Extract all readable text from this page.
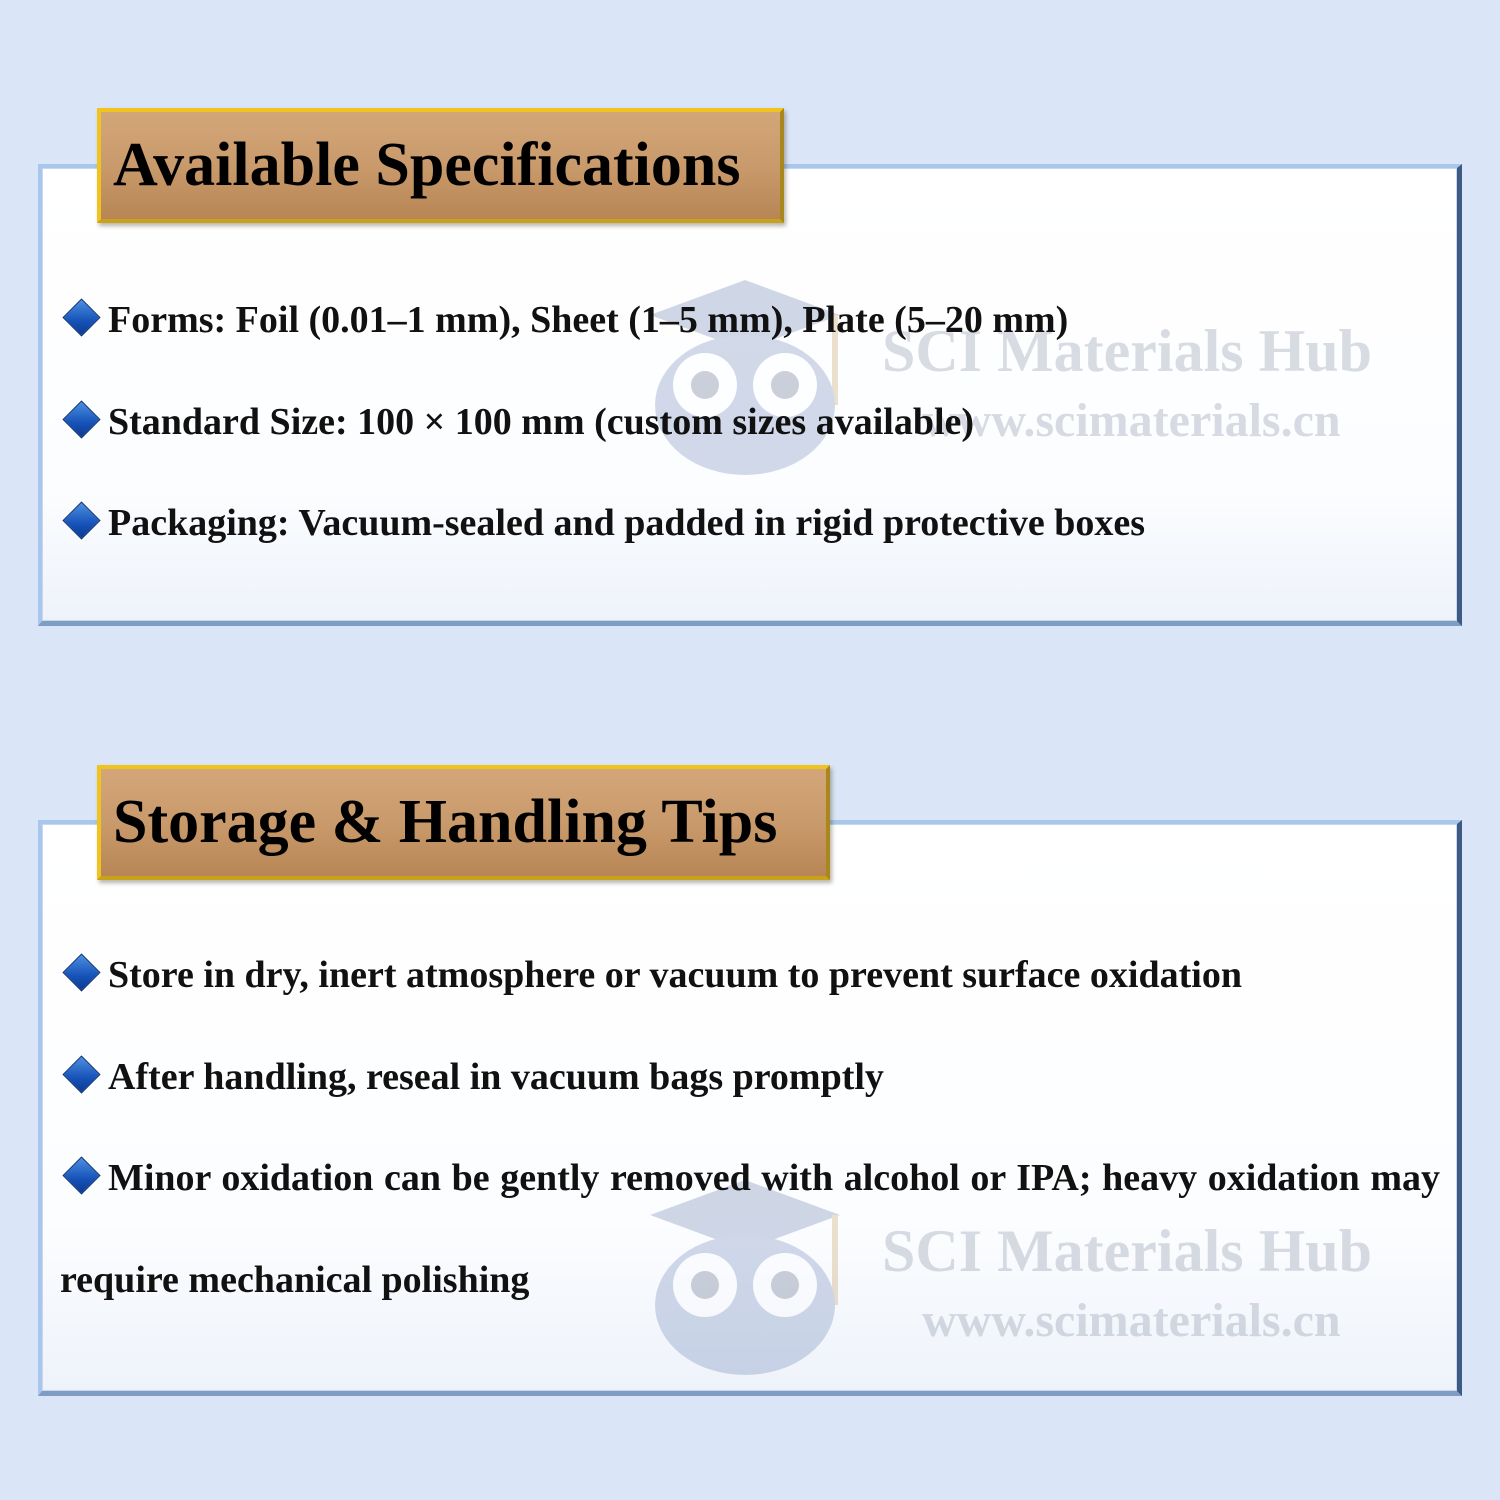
Available Specifications
SCI Materials Hub
www.scimaterials.cn
Forms: Foil (0.01–1 mm), Sheet (1–5 mm), Plate (5–20 mm)
Standard Size: 100 × 100 mm (custom sizes available)
Packaging: Vacuum-sealed and padded in rigid protective boxes
Storage & Handling Tips
SCI Materials Hub
www.scimaterials.cn
Store in dry, inert atmosphere or vacuum to prevent surface oxidation
After handling, reseal in vacuum bags promptly
Minor oxidation can be gently removed with alcohol or IPA; heavy oxidation may require mechanical polishing
